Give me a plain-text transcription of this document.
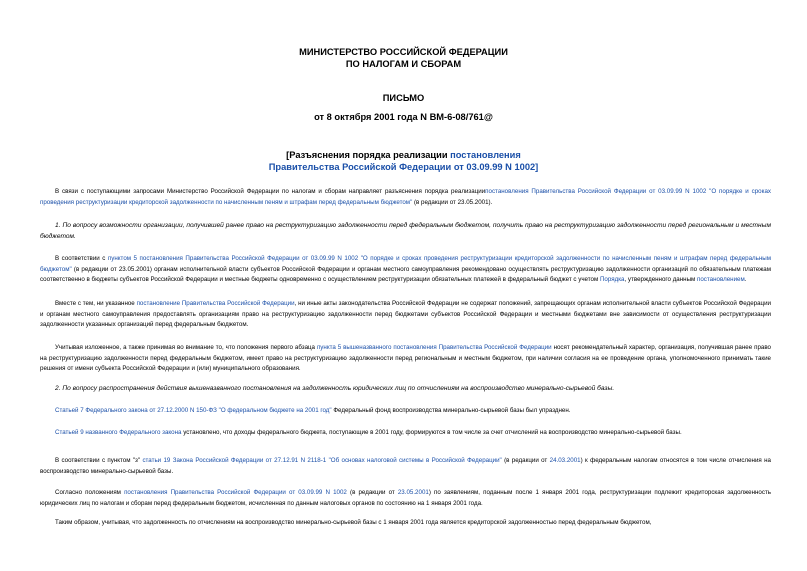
МИНИСТЕРСТВО РОССИЙСКОЙ ФЕДЕРАЦИИ
ПО НАЛОГАМ И СБОРАМ
ПИСЬМО
от 8 октября 2001 года N ВМ-6-08/761@
[Разъяснения порядка реализации постановления
Правительства Российской Федерации от 03.09.99 N 1002]
В связи с поступающими запросами Министерство Российской Федерации по налогам и сборам направляет разъяснения порядка реализациипостановления Правительства Российской Федерации от 03.09.99 N 1002 "О порядке и сроках проведения реструктуризации кредиторской задолженности по начисленным пеням и штрафам перед федеральным бюджетом" (в редакции от 23.05.2001).
1. По вопросу возможности организации, получившей ранее право на реструктуризацию задолженности перед федеральным бюджетом, получить право на реструктуризацию задолженности перед региональным и местным бюджетом.
В соответствии с пунктом 5 постановления Правительства Российской Федерации от 03.09.99 N 1002 "О порядке и сроках проведения реструктуризации кредиторской задолженности по начисленным пеням и штрафам перед федеральным бюджетом" (в редакции от 23.05.2001) органам исполнительной власти субъектов Российской Федерации и органам местного самоуправления рекомендовано осуществлять реструктуризацию задолженности организаций по обязательным платежам соответственно в бюджеты субъектов Российской Федерации и местные бюджеты одновременно с осуществлением реструктуризации обязательных платежей в федеральный бюджет с учетом Порядка, утвержденного данным постановлением.
Вместе с тем, ни указанное постановление Правительства Российской Федерации, ни иные акты законодательства Российской Федерации не содержат положений, запрещающих органам исполнительной власти субъектов Российской Федерации и органам местного самоуправления предоставлять организациям право на реструктуризацию задолженности перед бюджетами субъектов Российской Федерации и местными бюджетами вне зависимости от осуществления реструктуризации задолженности указанных организаций перед федеральным бюджетом.
Учитывая изложенное, а также принимая во внимание то, что положения первого абзаца пункта 5 вышеназванного постановления Правительства Российской Федерации носят рекомендательный характер, организация, получившая ранее право на реструктуризацию задолженности перед федеральным бюджетом, имеет право на реструктуризацию задолженности перед региональным и местным бюджетом, при наличии согласия на ее проведение органа, уполномоченного принимать такие решения от имени субъекта Российской Федерации и (или) муниципального образования.
2. По вопросу распространения действия вышеназванного постановления на задолженность юридических лиц по отчислениям на воспроизводство минерально-сырьевой базы.
Статьей 7 Федерального закона от 27.12.2000 N 150-ФЗ "О федеральном бюджете на 2001 год" Федеральный фонд воспроизводства минерально-сырьевой базы был упразднен.
Статьей 9 названного Федерального закона установлено, что доходы федерального бюджета, поступающие в 2001 году, формируются в том числе за счет отчислений на воспроизводство минерально-сырьевой базы.
В соответствии с пунктом "з" статьи 19 Закона Российской Федерации от 27.12.91 N 2118-1 "Об основах налоговой системы в Российской Федерации" (в редакции от 24.03.2001) к федеральным налогам относятся в том числе отчисления на воспроизводство минерально-сырьевой базы.
Согласно положениям постановления Правительства Российской Федерации от 03.09.99 N 1002 (в редакции от 23.05.2001) по заявлениям, поданным после 1 января 2001 года, реструктуризации подлежит кредиторская задолженность юридических лиц по налогам и сборам перед федеральным бюджетом, исчисленная по данным налоговых органов по состоянию на 1 января 2001 года.
Таким образом, учитывая, что задолженность по отчислениям на воспроизводство минерально-сырьевой базы с 1 января 2001 года является кредиторской задолженностью перед федеральным бюджетом,
